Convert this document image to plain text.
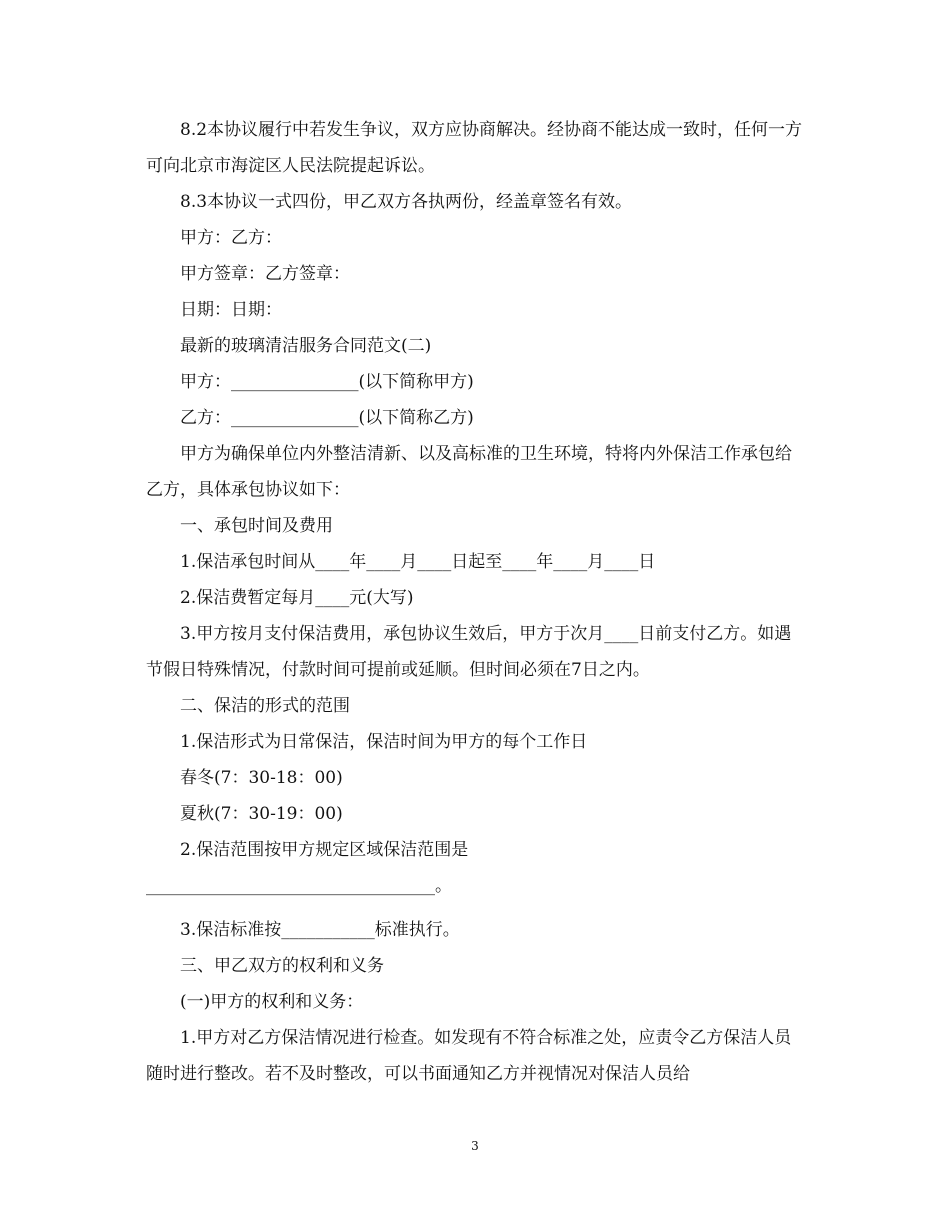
8.2本协议履行中若发生争议，双方应协商解决。经协商不能达成一致时，任何一方可向北京市海淀区人民法院提起诉讼。

8.3本协议一式四份，甲乙双方各执两份，经盖章签名有效。

甲方：乙方：

甲方签章：乙方签章：

日期：日期：

最新的玻璃清洁服务合同范文(二)

甲方：_______________(以下简称甲方)

乙方：_______________(以下简称乙方)

甲方为确保单位内外整洁清新、以及高标准的卫生环境，特将内外保洁工作承包给乙方，具体承包协议如下：

一、承包时间及费用

1.保洁承包时间从____年____月____日起至____年____月____日

2.保洁费暂定每月____元(大写)

3.甲方按月支付保洁费用，承包协议生效后，甲方于次月____日前支付乙方。如遇节假日特殊情况，付款时间可提前或延顺。但时间必须在7日之内。

二、保洁的形式的范围

1.保洁形式为日常保洁，保洁时间为甲方的每个工作日

春冬(7：30-18：00)

夏秋(7：30-19：00)

2.保洁范围按甲方规定区域保洁范围是

__________________________________。

3.保洁标准按___________标准执行。

三、甲乙双方的权利和义务

(一)甲方的权利和义务：

1.甲方对乙方保洁情况进行检查。如发现有不符合标准之处，应责令乙方保洁人员随时进行整改。若不及时整改，可以书面通知乙方并视情况对保洁人员给

3
